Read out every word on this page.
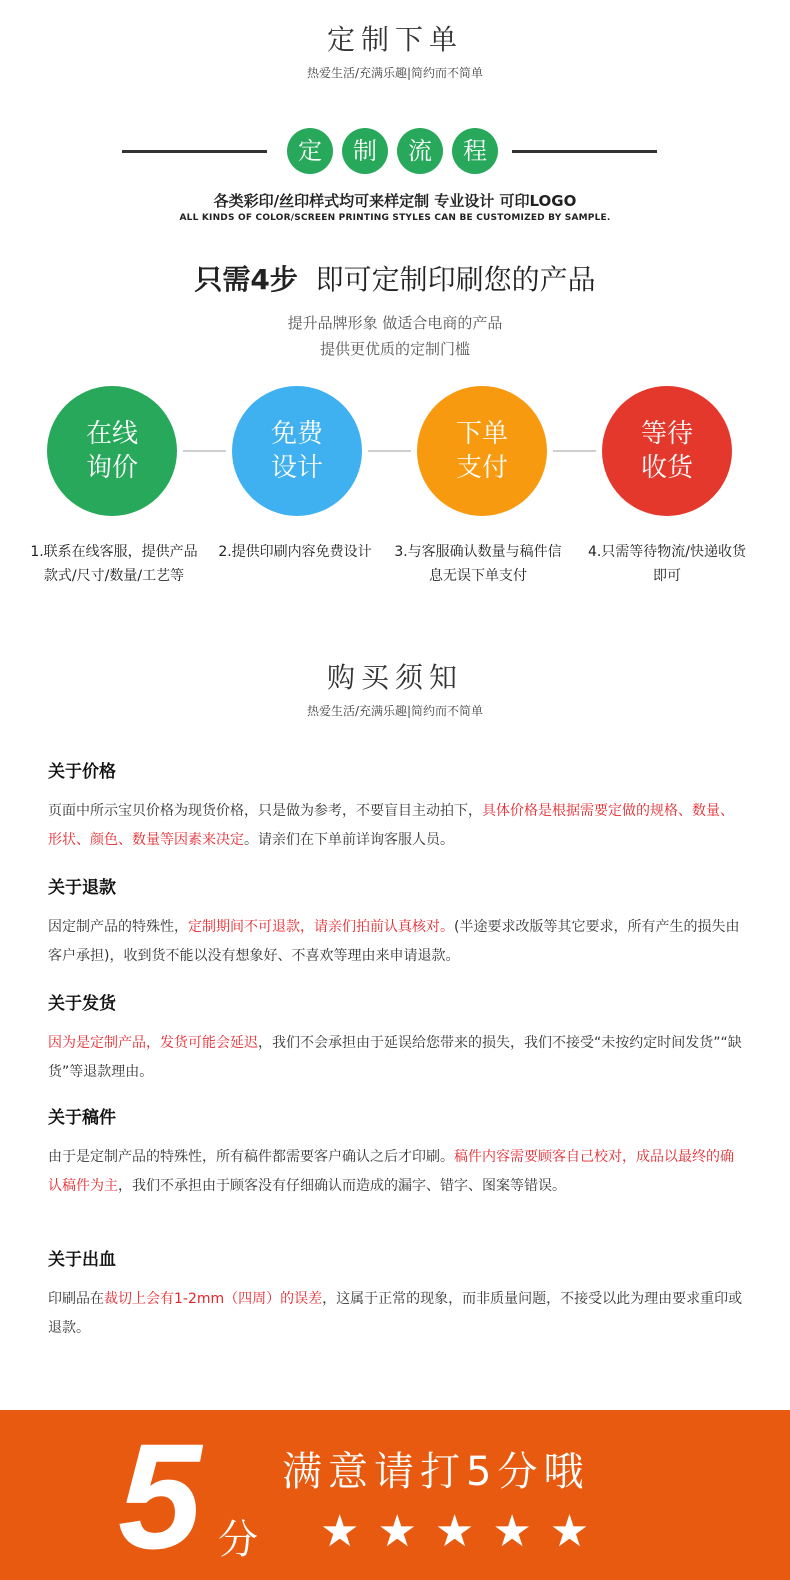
定制下单
热爱生活/充满乐趣|简约而不简单
定	制	流	程
各类彩印/丝印样式均可来样定制 专业设计 可印LOGO
ALL KINDS OF COLOR/SCREEN PRINTING STYLES CAN BE CUSTOMIZED BY SAMPLE.
只需4步 即可定制印刷您的产品
提升品牌形象 做适合电商的产品
提供更优质的定制门槛
在线
询价
免费
设计
下单
支付
等待
收货
1.联系在线客服，提供产品款式/尺寸/数量/工艺等
2.提供印刷内容免费设计	3.与客服确认数量与稿件信息无误下单支付
4.只需等待物流/快递收货即可
购买须知
热爱生活/充满乐趣|简约而不简单
关于价格
页面中所示宝贝价格为现货价格，只是做为参考，不要盲目主动拍下，具体价格是根据需要定做的规格、数量、形状、颜色、数量等因素来决定。请亲们在下单前详询客服人员。
关于退款
因定制产品的特殊性，定制期间不可退款，请亲们拍前认真核对。(半途要求改版等其它要求，所有产生的损失由客户承担)，收到货不能以没有想象好、不喜欢等理由来申请退款。
关于发货
因为是定制产品，发货可能会延迟，我们不会承担由于延误给您带来的损失，我们不接受“未按约定时间发货”“缺货”等退款理由。
关于稿件
由于是定制产品的特殊性，所有稿件都需要客户确认之后才印刷。稿件内容需要顾客自己校对，成品以最终的确认稿件为主，我们不承担由于顾客没有仔细确认而造成的漏字、错字、图案等错误。
关于出血
印刷品在裁切上会有1-2mm（四周）的误差，这属于正常的现象，而非质量问题，不接受以此为理由要求重印或退款。
5 分
满意请打5分哦
★★★★★
